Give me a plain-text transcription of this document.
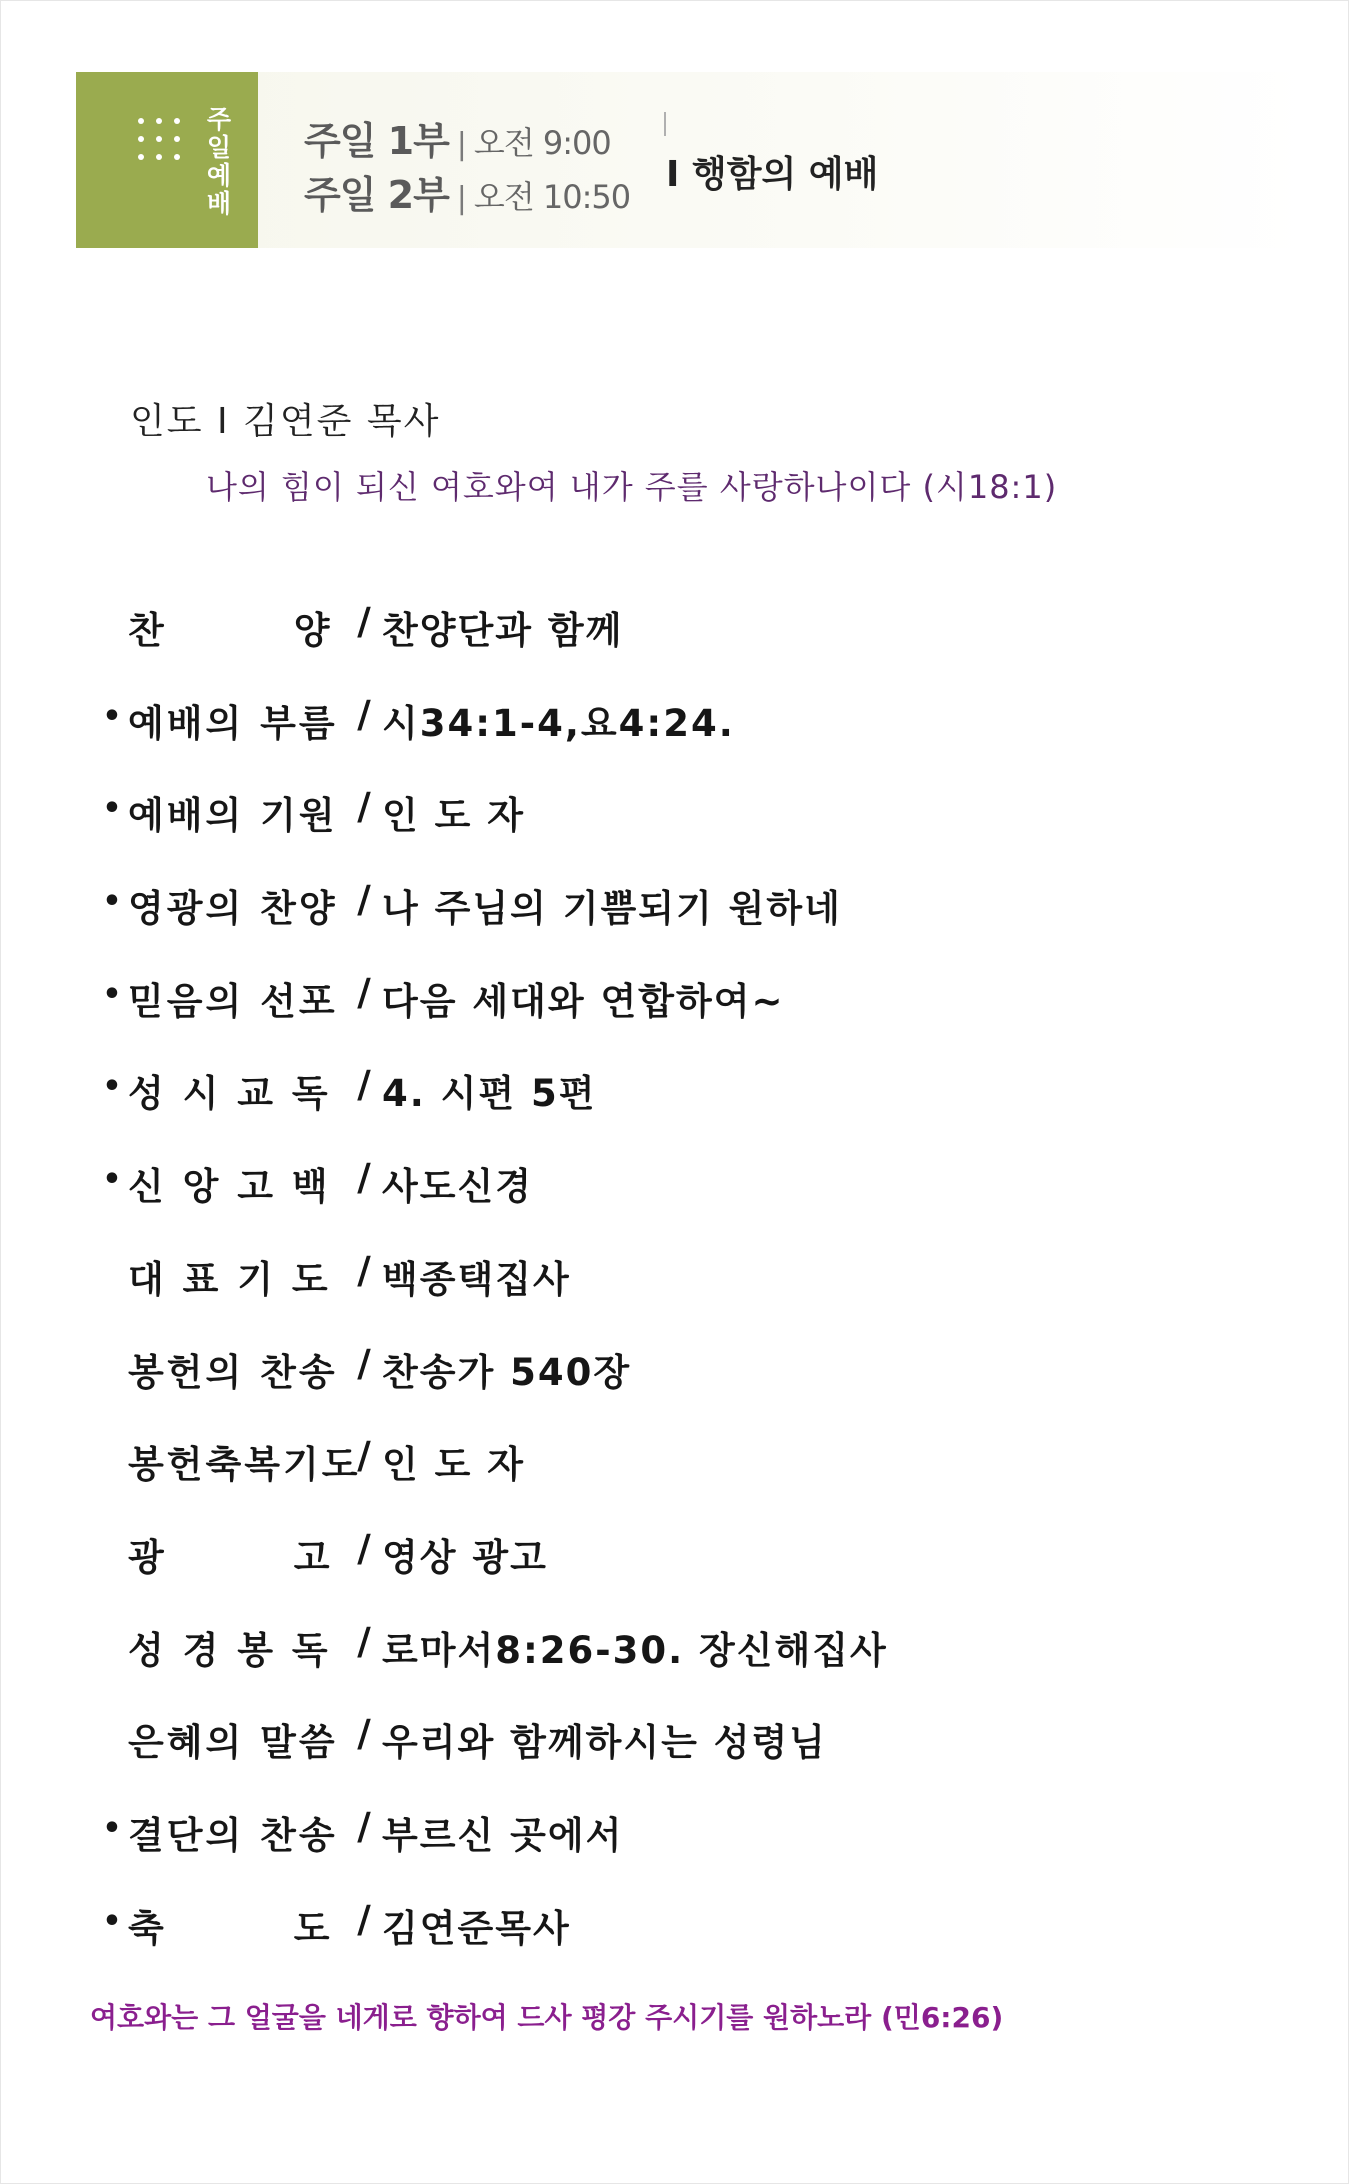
주일예배
주일 1부 | 오전 9:00
주일 2부 | 오전 10:50
I 행함의 예배
인도 I 김연준 목사
나의 힘이 되신 여호와여 내가 주를 사랑하나이다 (시18:1)
찬        양 / 찬양단과 함께
• 예배의 부름 / 시34:1-4,요4:24.
• 예배의 기원 / 인 도 자
• 영광의 찬양 / 나 주님의 기쁨되기 원하네
• 믿음의 선포 / 다음 세대와 연합하여~
• 성 시 교 독 / 4. 시편 5편
• 신 앙 고 백 / 사도신경
대 표 기 도 / 백종택집사
봉헌의 찬송 / 찬송가 540장
봉헌축복기도
/ 인 도 자
광        고 / 영상 광고
성 경 봉 독 / 로마서8:26-30. 장신해집사
은혜의 말씀 / 우리와 함께하시는 성령님
• 결단의 찬송 / 부르신 곳에서
• 축        도 / 김연준목사
여호와는 그 얼굴을 네게로 향하여 드사 평강 주시기를 원하노라 (민6:26)
